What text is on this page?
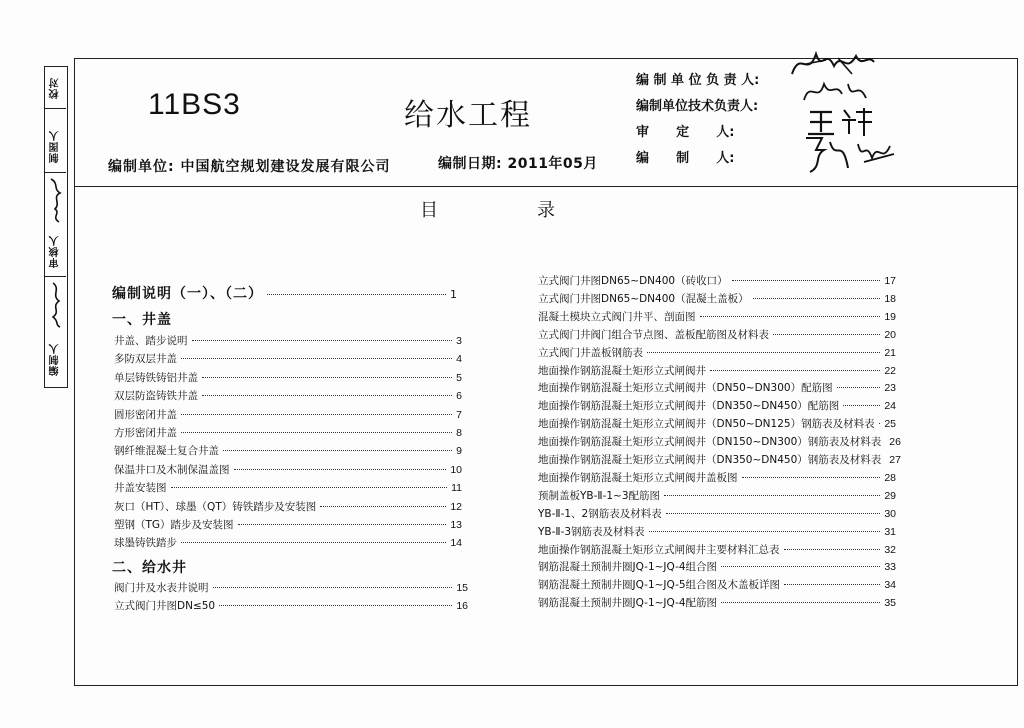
校对
制图人
审核人
编制人
11BS3	给水工程
编制单位: 中国航空规划建设发展有限公司	编制日期: 2011年05月
编 制 单 位 负 责 人:
编制单位技术负责人:
审      定      人:
编      制      人:
目	录
编制说明（一）、（二）	1
一、井盖
井盖、踏步说明	3
多防双层井盖	4
单层铸铁铸铝井盖	5
双层防盗铸铁井盖	6
圆形密闭井盖	7
方形密闭井盖	8
钢纤维混凝土复合井盖	9
保温井口及木制保温盖图	10
井盖安装图	11
灰口（HT）、球墨（QT）铸铁踏步及安装图	12
塑钢（TG）踏步及安装图	13
球墨铸铁踏步	14
二、给水井
阀门井及水表井说明	15
立式阀门井图DN≤50	16
立式阀门井图DN65~DN400（砖收口）	17
立式阀门井图DN65~DN400（混凝土盖板）	18
混凝土模块立式阀门井平、剖面图	19
立式阀门井阀门组合节点图、盖板配筋图及材料表	20
立式阀门井盖板钢筋表	21
地面操作钢筋混凝土矩形立式闸阀井	22
地面操作钢筋混凝土矩形立式闸阀井（DN50~DN300）配筋图	23
地面操作钢筋混凝土矩形立式闸阀井（DN350~DN450）配筋图	24
地面操作钢筋混凝土矩形立式闸阀井（DN50~DN125）钢筋表及材料表 25
地面操作钢筋混凝土矩形立式闸阀井（DN150~DN300）钢筋表及材料表 26
地面操作钢筋混凝土矩形立式闸阀井（DN350~DN450）钢筋表及材料表 27
地面操作钢筋混凝土矩形立式闸阀井盖板图	28
预制盖板YB-Ⅱ-1~3配筋图	29
YB-Ⅱ-1、2钢筋表及材料表	30
YB-Ⅱ-3钢筋表及材料表	31
地面操作钢筋混凝土矩形立式闸阀井主要材料汇总表	32
钢筋混凝土预制井圈JQ-1~JQ-4组合图	33
钢筋混凝土预制井圈JQ-1~JQ-5组合图及木盖板详图	34
钢筋混凝土预制井圈JQ-1~JQ-4配筋图	35
